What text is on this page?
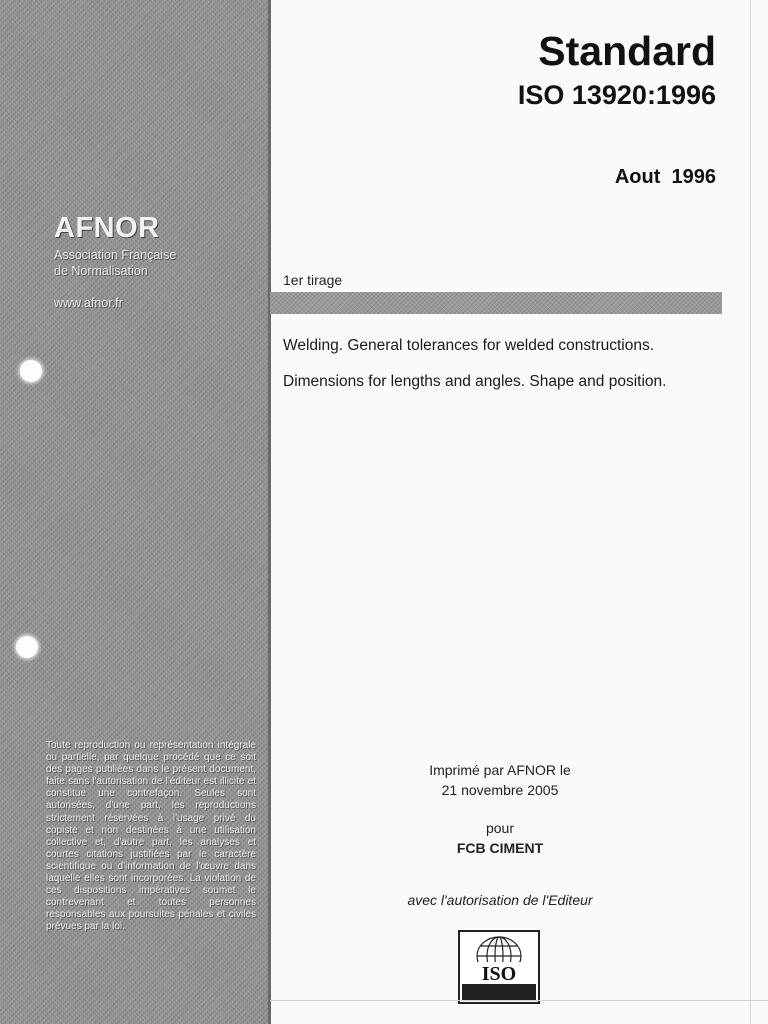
AFNOR
Association Française
de Normalisation
www.afnor.fr
Toute reproduction ou représentation intégrale ou partielle, par quelque procédé que ce soit des pages publiées dans le présent document, faite sans l'autorisation de l'éditeur est illicite et constitue une contrefaçon. Seules sont autorisées, d'une part, les reproductions strictement réservées à l'usage privé du copiste et non destinées à une utilisation collective et, d'autre part, les analyses et courtes citations justifiées par le caractère scientifique ou d'information de l'œuvre dans laquelle elles sont incorporées. La violation de ces dispositions impératives soumet le contrevenant et toutes personnes responsables aux poursuites pénales et civiles prévues par la loi.
Standard
ISO 13920:1996
Aout  1996
1er tirage
Welding. General tolerances for welded constructions.
Dimensions for lengths and angles. Shape and position.
Imprimé par AFNOR le
21 novembre 2005
pour
FCB CIMENT
avec l'autorisation de l'Editeur
ISO
